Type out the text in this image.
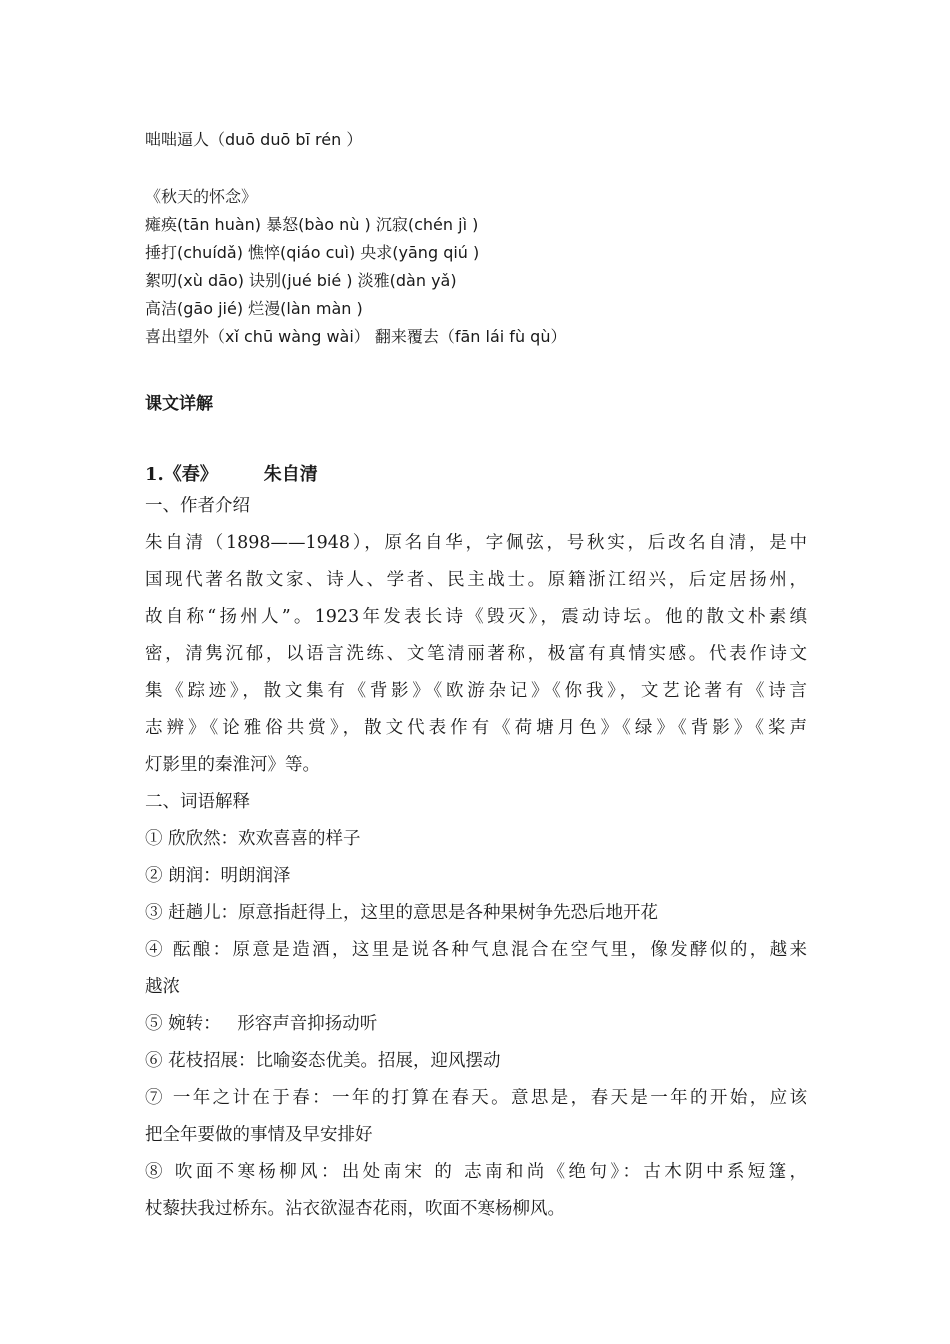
咄咄逼人（duō duō bī rén ）
《秋天的怀念》
瘫痪(tān huàn) 暴怒(bào nù ) 沉寂(chén jì )
捶打(chuídǎ) 憔悴(qiáo cuì) 央求(yāng qiú )
絮叨(xù dāo) 诀别(jué bié ) 淡雅(dàn yǎ)
高洁(gāo jié) 烂漫(làn màn )
喜出望外（xǐ chū wàng wài） 翻来覆去（fān lái fù qù）
课文详解
1.《春》	朱自清
一、作者介绍
朱自清（1898——1948），原名自华，字佩弦，号秋实，后改名自清，是中
国现代著名散文家、诗人、学者、民主战士。原籍浙江绍兴，后定居扬州，
故自称“扬州人”。1923年发表长诗《毁灭》，震动诗坛。他的散文朴素缜
密，清隽沉郁，以语言洗练、文笔清丽著称，极富有真情实感。代表作诗文
集《踪迹》，散文集有《背影》《欧游杂记》《你我》，文艺论著有《诗言
志辨》《论雅俗共赏》，散文代表作有《荷塘月色》《绿》《背影》《桨声
灯影里的秦淮河》等。
二、词语解释
① 欣欣然：欢欢喜喜的样子
② 朗润：明朗润泽
③ 赶趟儿：原意指赶得上，这里的意思是各种果树争先恐后地开花
④ 酝酿：原意是造酒，这里是说各种气息混合在空气里，像发酵似的，越来
越浓
⑤ 婉转：   形容声音抑扬动听
⑥ 花枝招展：比喻姿态优美。招展，迎风摆动
⑦ 一年之计在于春：一年的打算在春天。意思是，春天是一年的开始，应该
把全年要做的事情及早安排好
⑧ 吹面不寒杨柳风：出处南宋 的 志南和尚《绝句》：古木阴中系短篷，
杖藜扶我过桥东。沾衣欲湿杏花雨，吹面不寒杨柳风。
